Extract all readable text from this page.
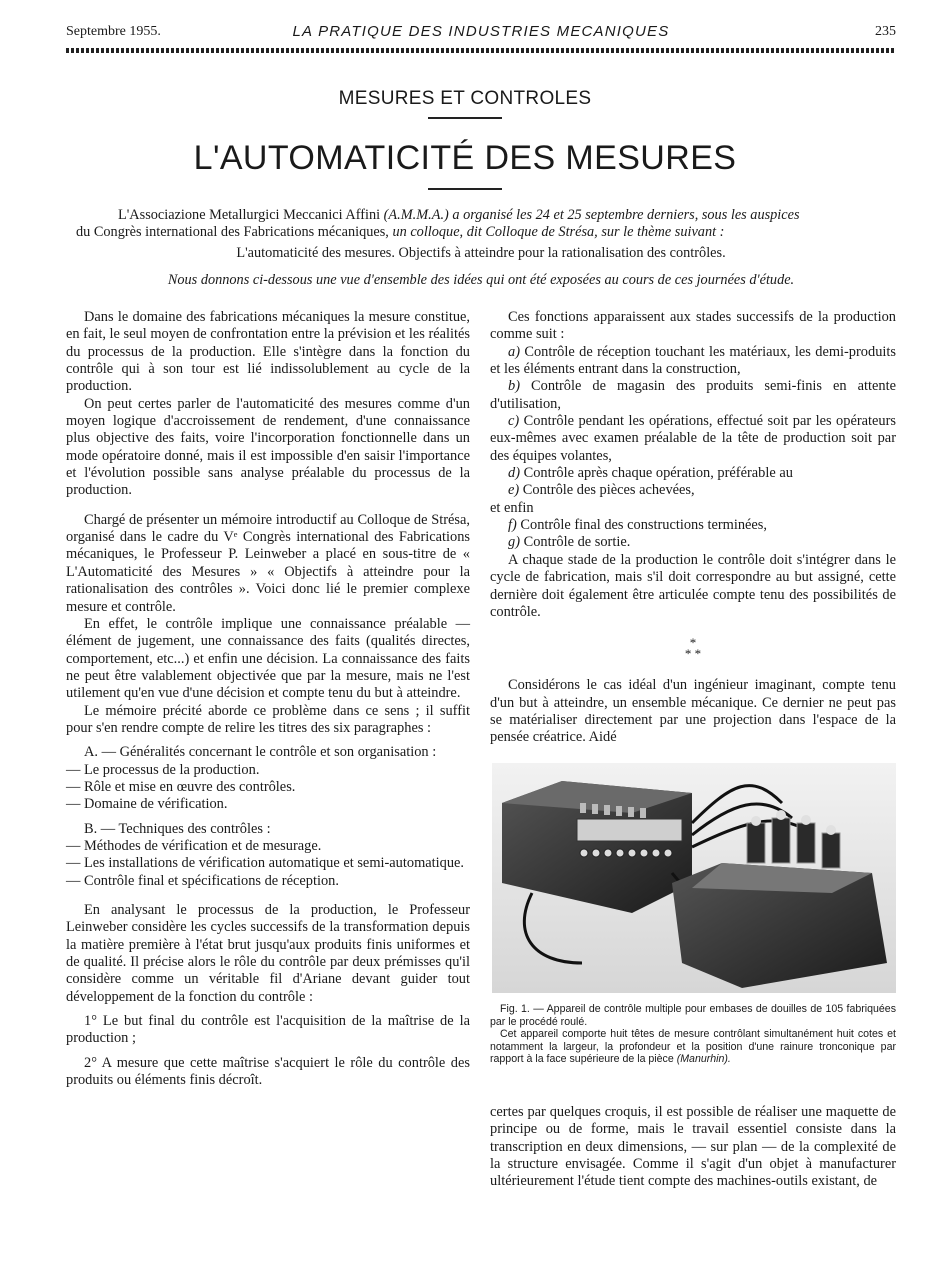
Septembre 1955.	LA PRATIQUE DES INDUSTRIES MECANIQUES	235
MESURES ET CONTROLES
L'AUTOMATICITÉ DES MESURES
L'Associazione Metallurgici Meccanici Affini (A.M.M.A.) a organisé les 24 et 25 septembre derniers, sous les auspices
du Congrès international des Fabrications mécaniques, un colloque, dit Colloque de Strésa, sur le thème suivant :
L'automaticité des mesures. Objectifs à atteindre pour la rationalisation des contrôles.
Nous donnons ci-dessous une vue d'ensemble des idées qui ont été exposées au cours de ces journées d'étude.

Dans le domaine des fabrications mécaniques la mesure constitue, en fait, le seul moyen de confrontation entre la prévision et les réalités du processus de la production. Elle s'intègre dans la fonction du contrôle qui à son tour est lié indissolublement au cycle de la production.

On peut certes parler de l'automaticité des mesures comme d'un moyen logique d'accroissement de rendement, d'une connaissance plus objective des faits, voire l'incorporation fonctionnelle dans un mode opératoire donné, mais il est impossible d'en saisir l'importance et l'évolution possible sans analyse préalable du processus de la production.

Chargé de présenter un mémoire introductif au Colloque de Strésa, organisé dans le cadre du Vᵉ Congrès international des Fabrications mécaniques, le Professeur P. Leinweber a placé en sous-titre de « L'Automaticité des Mesures » « Objectifs à atteindre pour la rationalisation des contrôles ». Voici donc lié le premier complexe mesure et contrôle.

En effet, le contrôle implique une connaissance préalable — élément de jugement, une connaissance des faits (qualités directes, comportement, etc...) et enfin une décision. La connaissance des faits ne peut être valablement objectivée que par la mesure, mais ne l'est utilement qu'en vue d'une décision et compte tenu du but à atteindre.

Le mémoire précité aborde ce problème dans ce sens ; il suffit pour s'en rendre compte de relire les titres des six paragraphes :

A. — Généralités concernant le contrôle et son organisation :

— Le processus de la production.

— Rôle et mise en œuvre des contrôles.

— Domaine de vérification.

B. — Techniques des contrôles :

— Méthodes de vérification et de mesurage.

— Les installations de vérification automatique et semi-automatique.

— Contrôle final et spécifications de réception.

En analysant le processus de la production, le Professeur Leinweber considère les cycles successifs de la transformation depuis la matière première à l'état brut jusqu'aux produits finis uniformes et de qualité. Il précise alors le rôle du contrôle par deux prémisses qu'il considère comme un véritable fil d'Ariane devant guider tout développement de la fonction du contrôle :

1° Le but final du contrôle est l'acquisition de la maîtrise de la production ;

2° A mesure que cette maîtrise s'acquiert le rôle du contrôle des produits ou éléments finis décroît.

Ces fonctions apparaissent aux stades successifs de la production comme suit :

a) Contrôle de réception touchant les matériaux, les demi-produits et les éléments entrant dans la construction,

b) Contrôle de magasin des produits semi-finis en attente d'utilisation,

c) Contrôle pendant les opérations, effectué soit par les opérateurs eux-mêmes avec examen préalable de la tête de production soit par des équipes volantes,

d) Contrôle après chaque opération, préférable au

e) Contrôle des pièces achevées,

et enfin

f) Contrôle final des constructions terminées,

g) Contrôle de sortie.

A chaque stade de la production le contrôle doit s'intégrer dans le cycle de fabrication, mais s'il doit correspondre au but assigné, cette dernière doit également être articulée compte tenu des possibilités de contrôle.

*
* *

Considérons le cas idéal d'un ingénieur imaginant, compte tenu d'un but à atteindre, un ensemble mécanique. Ce dernier ne peut pas se matérialiser directement par une projection dans l'espace de la pensée créatrice. Aidé

Fig. 1. — Appareil de contrôle multiple pour embases de douilles de 105 fabriquées par le procédé roulé.

Cet appareil comporte huit têtes de mesure contrôlant simultanément huit cotes et notamment la largeur, la profondeur et la position d'une rainure tronconique par rapport à la face supérieure de la pièce (Manurhin).

certes par quelques croquis, il est possible de réaliser une maquette de principe ou de forme, mais le travail essentiel consiste dans la transcription en deux dimensions, — sur plan — de la complexité de la structure envisagée. Comme il s'agit d'un objet à manufacturer ultérieurement l'étude tient compte des machines-outils existant, de
